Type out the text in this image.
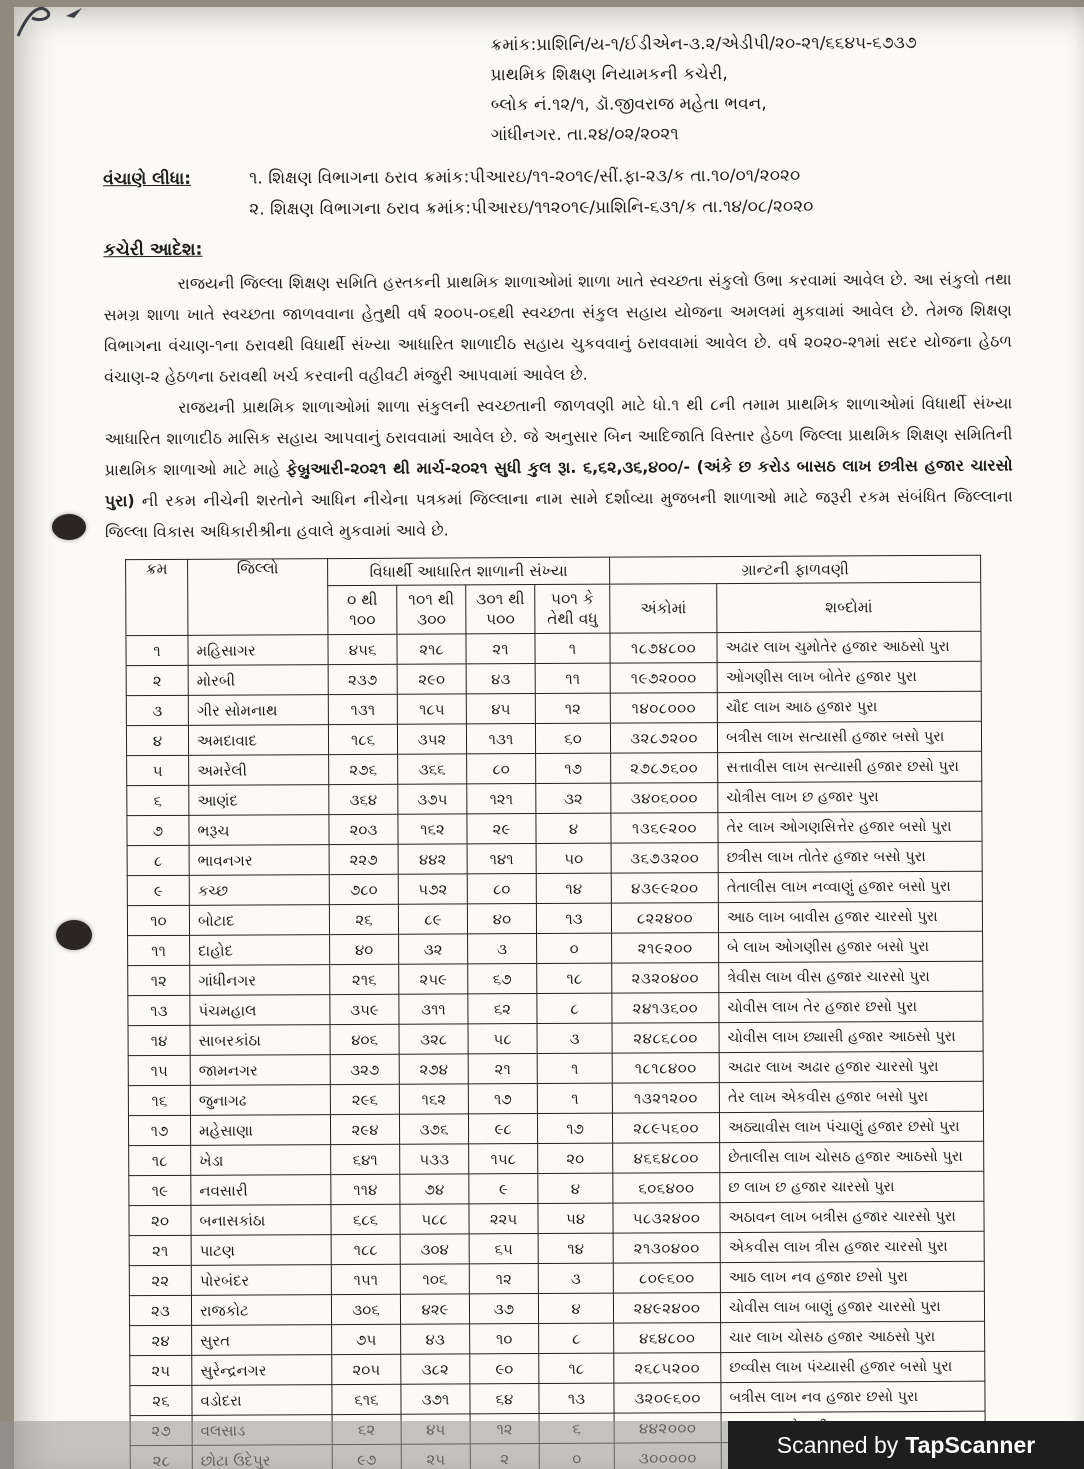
ક્રમાંક:પ્રાશિનિ/ય-૧/ઈડીએન-૩.૨/એડીપી/૨૦-૨૧/૬૬૪૫-૬૭૩૭
પ્રાથમિક શિક્ષણ નિયામકની કચેરી,
બ્લોક નં.૧૨/૧, ડૉ.જીવરાજ મહેતા ભવન,
ગાંધીનગર. તા.૨૪/૦૨/૨૦૨૧
વંચાણે લીધા:	૧. શિક્ષણ વિભાગના ઠરાવ ક્રમાંક:પીઆરઇ/૧૧-૨૦૧૯/સીં.ફા-૨૩/ક તા.૧૦/૦૧/૨૦૨૦
૨. શિક્ષણ વિભાગના ઠરાવ ક્રમાંક:પીઆરઇ/૧૧૨૦૧૯/પ્રાશિનિ-૬૩૧/ક તા.૧૪/૦૮/૨૦૨૦
કચેરી આદેશ:
રાજયની જિલ્લા શિક્ષણ સમિતિ હસ્તકની પ્રાથમિક શાળાઓમાં શાળા ખાતે સ્વચ્છતા સંકુલો ઉભા કરવામાં આવેલ છે. આ સંકુલો તથા સમગ્ર શાળા ખાતે સ્વચ્છતા જાળવવાના હેતુથી વર્ષ ૨૦૦૫-૦૬થી સ્વચ્છતા સંકુલ સહાય યોજના અમલમાં મુકવામાં આવેલ છે. તેમજ શિક્ષણ વિભાગના વંચાણ-૧ના ઠરાવથી વિધાર્થી સંખ્યા આધારિત શાળાદીઠ સહાય ચુકવવાનું ઠરાવવામાં આવેલ છે. વર્ષ ૨૦૨૦-૨૧માં સદર યોજના હેઠળ વંચાણ-૨ હેઠળના ઠરાવથી ખર્ચ કરવાની વહીવટી મંજુરી આપવામાં આવેલ છે.
રાજયની પ્રાથમિક શાળાઓમાં શાળા સંકુલની સ્વચ્છતાની જાળવણી માટે ધો.૧ થી ૮ની તમામ પ્રાથમિક શાળાઓમાં વિધાર્થી સંખ્યા આધારિત શાળાદીઠ માસિક સહાય આપવાનું ઠરાવવામાં આવેલ છે. જે અનુસાર બિન આદિજાતિ વિસ્તાર હેઠળ જિલ્લા પ્રાથમિક શિક્ષણ સમિતિની પ્રાથમિક શાળાઓ માટે માહે ફેબ્રુઆરી-૨૦૨૧ થી માર્ચ-૨૦૨૧ સુધી કુલ રૂા. ૬,૬૨,૩૬,૪૦૦/- (અંકે છ કરોડ બાસઠ લાખ છત્રીસ હજાર ચારસો પુરા) ની રકમ નીચેની શરતોને આધિન નીચેના પત્રકમાં જિલ્લાના નામ સામે દર્શાવ્યા મુજબની શાળાઓ માટે જરૂરી રકમ સંબંધિત જિલ્લાના જિલ્લા વિકાસ અધિકારીશ્રીના હવાલે મુકવામાં આવે છે.
ક્રમ	જિલ્લો	વિધાર્થી આધારિત શાળાની સંખ્યા				ગ્રાન્ટની ફાળવણી	
		૦ થી ૧૦૦	૧૦૧ થી ૩૦૦	૩૦૧ થી ૫૦૦	૫૦૧ કે તેથી વધુ	અંકોમાં	શબ્દોમાં
૧	મહિસાગર	૪૫૬	૨૧૮	૨૧	૧	૧૮૭૪૮૦૦	અઢાર લાખ ચુમોતેર હજાર આઠસો પુરા
૨	મોરબી	૨૩૭	૨૯૦	૪૩	૧૧	૧૯૭૨૦૦૦	ઓગણીસ લાખ બોતેર હજાર પુરા
૩	ગીર સોમનાથ	૧૩૧	૧૮૫	૪૫	૧૨	૧૪૦૮૦૦૦	ચૌદ લાખ આઠ હજાર પુરા
૪	અમદાવાદ	૧૮૬	૩૫૨	૧૩૧	૬૦	૩૨૮૭૨૦૦	બત્રીસ લાખ સત્યાસી હજાર બસો પુરા
૫	અમરેલી	૨૭૬	૩૬૬	૮૦	૧૭	૨૭૮૭૬૦૦	સત્તાવીસ લાખ સત્યાસી હજાર છસો પુરા
૬	આણંદ	૩૬૪	૩૭૫	૧૨૧	૩૨	૩૪૦૬૦૦૦	ચોત્રીસ લાખ છ હજાર પુરા
૭	ભરૂચ	૨૦૩	૧૬૨	૨૯	૪	૧૩૬૯૨૦૦	તેર લાખ ઓગણસિત્તેર હજાર બસો પુરા
૮	ભાવનગર	૨૨૭	૪૪૨	૧૪૧	૫૦	૩૬૭૩૨૦૦	છત્રીસ લાખ તોતેર હજાર બસો પુરા
૯	કચ્છ	૭૮૦	૫૭૨	૮૦	૧૪	૪૩૯૯૨૦૦	તેતાલીસ લાખ નવ્વાણું હજાર બસો પુરા
૧૦	બોટાદ	૨૬	૮૯	૪૦	૧૩	૮૨૨૪૦૦	આઠ લાખ બાવીસ હજાર ચારસો પુરા
૧૧	દાહોદ	૪૦	૩૨	૩	૦	૨૧૯૨૦૦	બે લાખ ઓગણીસ હજાર બસો પુરા
૧૨	ગાંધીનગર	૨૧૬	૨૫૯	૬૭	૧૮	૨૩૨૦૪૦૦	ત્રેવીસ લાખ વીસ હજાર ચારસો પુરા
૧૩	પંચમહાલ	૩૫૯	૩૧૧	૬૨	૮	૨૪૧૩૬૦૦	ચોવીસ લાખ તેર હજાર છસો પુરા
૧૪	સાબરકાંઠા	૪૦૬	૩૨૮	૫૮	૩	૨૪૮૬૮૦૦	ચોવીસ લાખ છ્યાસી હજાર આઠસો પુરા
૧૫	જામનગર	૩૨૭	૨૭૪	૨૧	૧	૧૮૧૮૪૦૦	અઢાર લાખ અઢાર હજાર ચારસો પુરા
૧૬	જુનાગઢ	૨૯૬	૧૬૨	૧૭	૧	૧૩૨૧૨૦૦	તેર લાખ એકવીસ હજાર બસો પુરા
૧૭	મહેસાણા	૨૯૪	૩૭૬	૯૮	૧૭	૨૮૯૫૬૦૦	અઠ્યાવીસ લાખ પંચાણું હજાર છસો પુરા
૧૮	ખેડા	૬૪૧	૫૩૩	૧૫૮	૨૦	૪૬૬૪૮૦૦	છેતાલીસ લાખ ચોસઠ હજાર આઠસો પુરા
૧૯	નવસારી	૧૧૪	૭૪	૯	૪	૬૦૬૪૦૦	છ લાખ છ હજાર ચારસો પુરા
૨૦	બનાસકાંઠા	૬૮૬	૫૮૮	૨૨૫	૫૪	૫૮૩૨૪૦૦	અઠાવન લાખ બત્રીસ હજાર ચારસો પુરા
૨૧	પાટણ	૧૮૮	૩૦૪	૬૫	૧૪	૨૧૩૦૪૦૦	એકવીસ લાખ ત્રીસ હજાર ચારસો પુરા
૨૨	પોરબંદર	૧૫૧	૧૦૬	૧૨	૩	૮૦૯૬૦૦	આઠ લાખ નવ હજાર છસો પુરા
૨૩	રાજકોટ	૩૦૬	૪૨૯	૩૭	૪	૨૪૯૨૪૦૦	ચોવીસ લાખ બાણું હજાર ચારસો પુરા
૨૪	સુરત	૭૫	૪૩	૧૦	૮	૪૬૪૮૦૦	ચાર લાખ ચોસઠ હજાર આઠસો પુરા
૨૫	સુરેન્દ્રનગર	૨૦૫	૩૮૨	૯૦	૧૮	૨૬૮૫૨૦૦	છવ્વીસ લાખ પંચ્યાસી હજાર બસો પુરા
૨૬	વડોદરા	૬૧૬	૩૭૧	૬૪	૧૩	૩૨૦૯૬૦૦	બત્રીસ લાખ નવ હજાર છસો પુરા

Scanned by TapScanner
